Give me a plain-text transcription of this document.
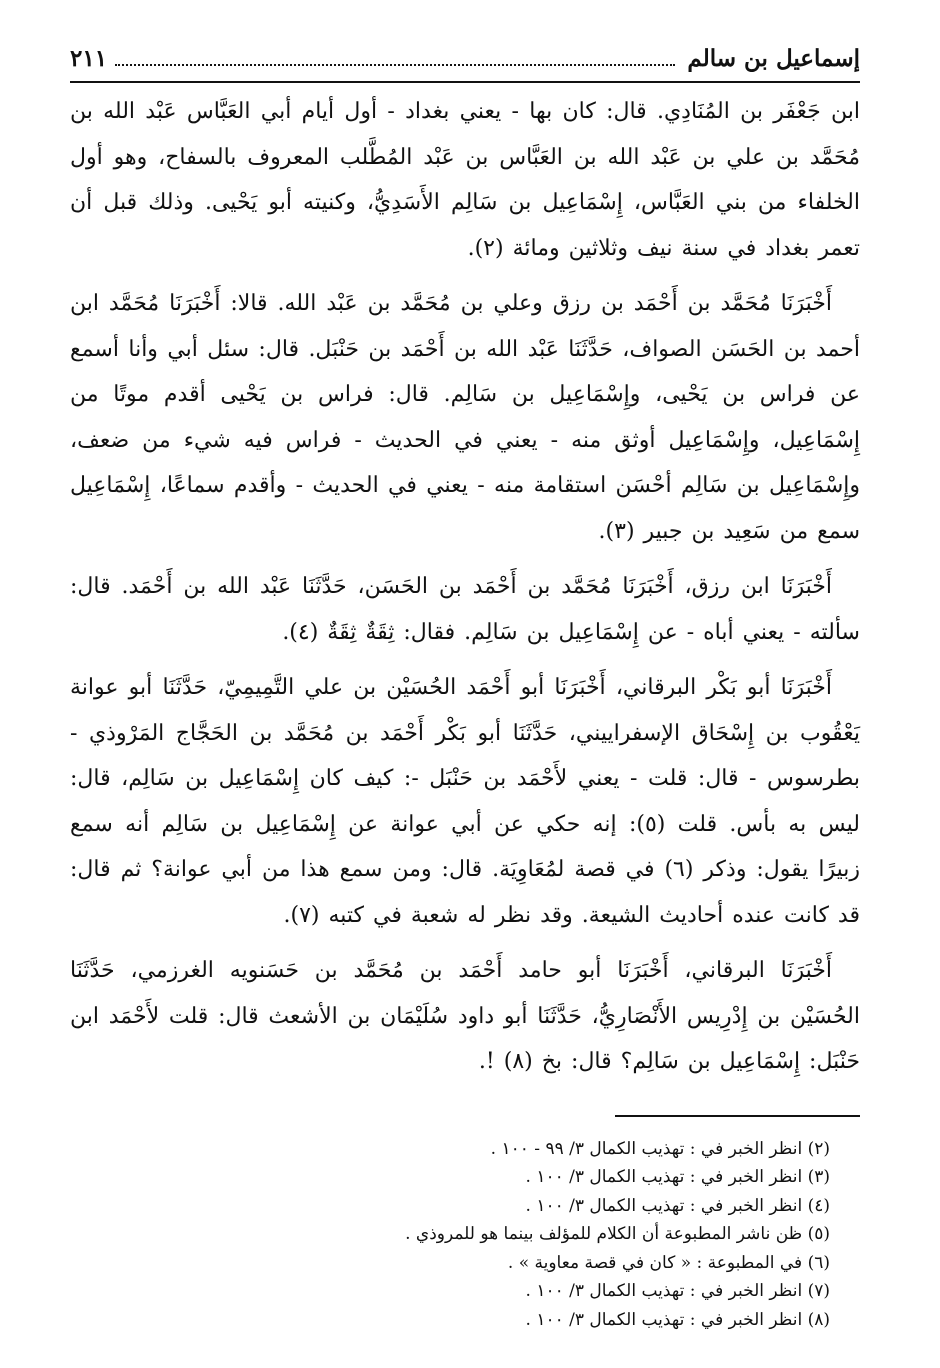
إسماعيل بن سالم
٢١١

ابن جَعْفَر بن المُنَادِي. قال: كان بها - يعني بغداد - أول أيام أبي العَبَّاس عَبْد الله بن مُحَمَّد بن علي بن عَبْد الله بن العَبَّاس بن عَبْد المُطَّلب المعروف بالسفاح، وهو أول الخلفاء من بني العَبَّاس، إِسْمَاعِيل بن سَالِم الأَسَدِيُّ، وكنيته أبو يَحْيى. وذلك قبل أن تعمر بغداد في سنة نيف وثلاثين ومائة (٢).

أَخْبَرَنَا مُحَمَّد بن أَحْمَد بن رزق وعلي بن مُحَمَّد بن عَبْد الله. قالا: أَخْبَرَنَا مُحَمَّد ابن أحمد بن الحَسَن الصواف، حَدَّثَنَا عَبْد الله بن أَحْمَد بن حَنْبَل. قال: سئل أبي وأنا أسمع عن فراس بن يَحْيى، وإِسْمَاعِيل بن سَالِم. قال: فراس بن يَحْيى أقدم موتًا من إِسْمَاعِيل، وإِسْمَاعِيل أوثق منه - يعني في الحديث - فراس فيه شيء من ضعف، وإِسْمَاعِيل بن سَالِم أحْسَن استقامة منه - يعني في الحديث - وأقدم سماعًا، إِسْمَاعِيل سمع من سَعِيد بن جبير (٣).

أَخْبَرَنَا ابن رزق، أَخْبَرَنَا مُحَمَّد بن أَحْمَد بن الحَسَن، حَدَّثَنَا عَبْد الله بن أَحْمَد. قال: سألته - يعني أباه - عن إِسْمَاعِيل بن سَالِم. فقال: ثِقَةٌ ثِقَةٌ (٤).

أَخْبَرَنَا أبو بَكْر البرقاني، أَخْبَرَنَا أبو أَحْمَد الحُسَيْن بن علي التَّمِيمِيّ، حَدَّثَنَا أبو عوانة يَعْقُوب بن إِسْحَاق الإسفراييني، حَدَّثَنَا أبو بَكْر أَحْمَد بن مُحَمَّد بن الحَجَّاج المَرْوذي - بطرسوس - قال: قلت - يعني لأَحْمَد بن حَنْبَل -: كيف كان إِسْمَاعِيل بن سَالِم، قال: ليس به بأس. قلت (٥): إنه حكي عن أبي عوانة عن إِسْمَاعِيل بن سَالِم أنه سمع زبيرًا يقول: وذكر (٦) في قصة لمُعَاوِيَة. قال: ومن سمع هذا من أبي عوانة؟ ثم قال: قد كانت عنده أحاديث الشيعة. وقد نظر له شعبة في كتبه (٧).

أَخْبَرَنَا البرقاني، أَخْبَرَنَا أبو حامد أَحْمَد بن مُحَمَّد بن حَسَنويه الغرزمي، حَدَّثَنَا الحُسَيْن بن إِدْرِيس الأَنْصَارِيُّ، حَدَّثَنَا أبو داود سُلَيْمَان بن الأشعث قال: قلت لأَحْمَد ابن حَنْبَل: إِسْمَاعِيل بن سَالِم؟ قال: بخ (٨) !.

(٢) انظر الخبر في : تهذيب الكمال ٣/ ٩٩ - ١٠٠ .
(٣) انظر الخبر في : تهذيب الكمال ٣/ ١٠٠ .
(٤) انظر الخبر في : تهذيب الكمال ٣/ ١٠٠ .
(٥) ظن ناشر المطبوعة أن الكلام للمؤلف بينما هو للمروذي .
(٦) في المطبوعة : « كان في قصة معاوية » .
(٧) انظر الخبر في : تهذيب الكمال ٣/ ١٠٠ .
(٨) انظر الخبر في : تهذيب الكمال ٣/ ١٠٠ .
